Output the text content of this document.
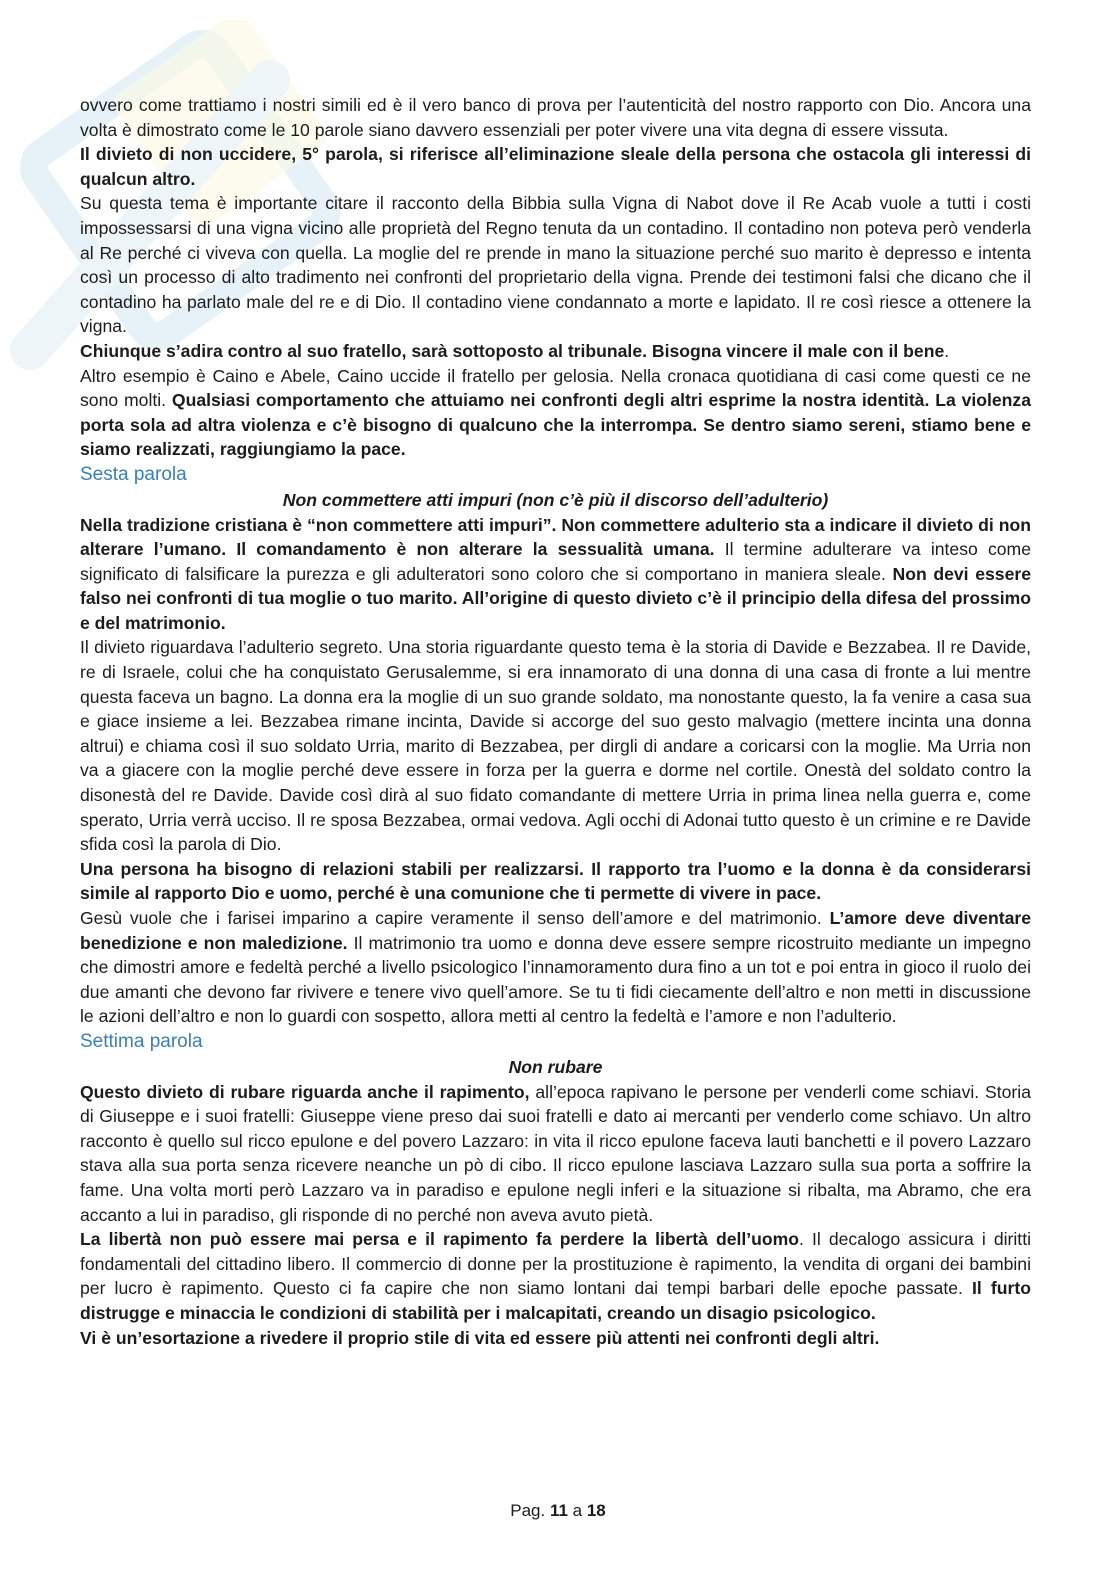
ovvero come trattiamo i nostri simili ed è il vero banco di prova per l’autenticità del nostro rapporto con Dio. Ancora una volta è dimostrato come le 10 parole siano davvero essenziali per poter vivere una vita degna di essere vissuta.

Il divieto di non uccidere, 5° parola, si riferisce all’eliminazione sleale della persona che ostacola gli interessi di qualcun altro.

Su questa tema è importante citare il racconto della Bibbia sulla Vigna di Nabot dove il Re Acab vuole a tutti i costi impossessarsi di una vigna vicino alle proprietà del Regno tenuta da un contadino. Il contadino non poteva però venderla al Re perché ci viveva con quella. La moglie del re prende in mano la situazione perché suo marito è depresso e intenta così un processo di alto tradimento nei confronti del proprietario della vigna. Prende dei testimoni falsi che dicano che il contadino ha parlato male del re e di Dio. Il contadino viene condannato a morte e lapidato. Il re così riesce a ottenere la vigna.

Chiunque s’adira contro al suo fratello, sarà sottoposto al tribunale. Bisogna vincere il male con il bene.

Altro esempio è Caino e Abele, Caino uccide il fratello per gelosia. Nella cronaca quotidiana di casi come questi ce ne sono molti. Qualsiasi comportamento che attuiamo nei confronti degli altri esprime la nostra identità. La violenza porta sola ad altra violenza e c’è bisogno di qualcuno che la interrompa. Se dentro siamo sereni, stiamo bene e siamo realizzati, raggiungiamo la pace.

Sesta parola

Non commettere atti impuri (non c’è più il discorso dell’adulterio)

Nella tradizione cristiana è “non commettere atti impuri”. Non commettere adulterio sta a indicare il divieto di non alterare l’umano. Il comandamento è non alterare la sessualità umana. Il termine adulterare va inteso come significato di falsificare la purezza e gli adulteratori sono coloro che si comportano in maniera sleale. Non devi essere falso nei confronti di tua moglie o tuo marito. All’origine di questo divieto c’è il principio della difesa del prossimo e del matrimonio.

Il divieto riguardava l’adulterio segreto. Una storia riguardante questo tema è la storia di Davide e Bezzabea. Il re Davide, re di Israele, colui che ha conquistato Gerusalemme, si era innamorato di una donna di una casa di fronte a lui mentre questa faceva un bagno. La donna era la moglie di un suo grande soldato, ma nonostante questo, la fa venire a casa sua e giace insieme a lei. Bezzabea rimane incinta, Davide si accorge del suo gesto malvagio (mettere incinta una donna altrui) e chiama così il suo soldato Urria, marito di Bezzabea, per dirgli di andare a coricarsi con la moglie. Ma Urria non va a giacere con la moglie perché deve essere in forza per la guerra e dorme nel cortile. Onestà del soldato contro la disonestà del re Davide. Davide così dirà al suo fidato comandante di mettere Urria in prima linea nella guerra e, come sperato, Urria verrà ucciso. Il re sposa Bezzabea, ormai vedova. Agli occhi di Adonai tutto questo è un crimine e re Davide sfida così la parola di Dio.

Una persona ha bisogno di relazioni stabili per realizzarsi. Il rapporto tra l’uomo e la donna è da considerarsi simile al rapporto Dio e uomo, perché è una comunione che ti permette di vivere in pace.

Gesù vuole che i farisei imparino a capire veramente il senso dell’amore e del matrimonio. L’amore deve diventare benedizione e non maledizione. Il matrimonio tra uomo e donna deve essere sempre ricostruito mediante un impegno che dimostri amore e fedeltà perché a livello psicologico l’innamoramento dura fino a un tot e poi entra in gioco il ruolo dei due amanti che devono far rivivere e tenere vivo quell’amore. Se tu ti fidi ciecamente dell’altro e non metti in discussione le azioni dell’altro e non lo guardi con sospetto, allora metti al centro la fedeltà e l’amore e non l’adulterio.

Settima parola

Non rubare

Questo divieto di rubare riguarda anche il rapimento, all’epoca rapivano le persone per venderli come schiavi. Storia di Giuseppe e i suoi fratelli: Giuseppe viene preso dai suoi fratelli e dato ai mercanti per venderlo come schiavo. Un altro racconto è quello sul ricco epulone e del povero Lazzaro: in vita il ricco epulone faceva lauti banchetti e il povero Lazzaro stava alla sua porta senza ricevere neanche un pò di cibo. Il ricco epulone lasciava Lazzaro sulla sua porta a soffrire la fame. Una volta morti però Lazzaro va in paradiso e epulone negli inferi e la situazione si ribalta, ma Abramo, che era accanto a lui in paradiso, gli risponde di no perché non aveva avuto pietà.

La libertà non può essere mai persa e il rapimento fa perdere la libertà dell’uomo. Il decalogo assicura i diritti fondamentali del cittadino libero. Il commercio di donne per la prostituzione è rapimento, la vendita di organi dei bambini per lucro è rapimento. Questo ci fa capire che non siamo lontani dai tempi barbari delle epoche passate. Il furto distrugge e minaccia le condizioni di stabilità per i malcapitati, creando un disagio psicologico.

Vi è un’esortazione a rivedere il proprio stile di vita ed essere più attenti nei confronti degli altri.

Pag. 11 a 18
